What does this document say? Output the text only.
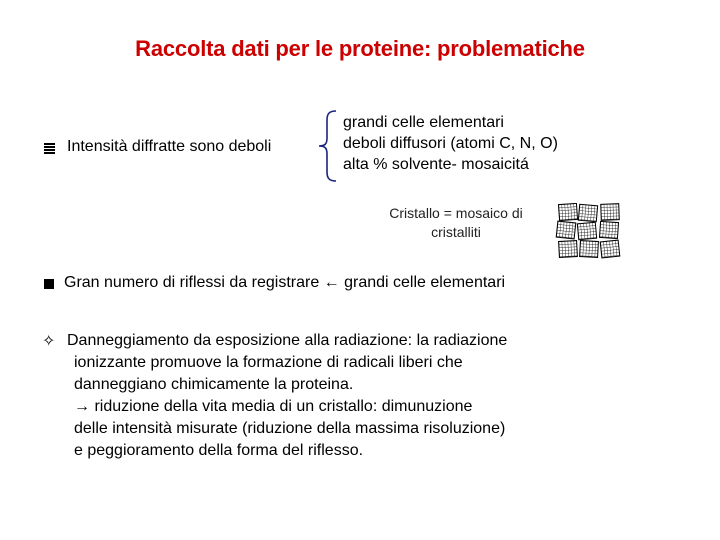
Raccolta dati per le proteine: problematiche
Intensità diffratte sono deboli
grandi celle elementari
deboli diffusori (atomi C, N, O)
alta % solvente- mosaicitá
Cristallo = mosaico di
cristalliti
Gran numero di riflessi da registrare ← grandi celle elementari
✧ Danneggiamento da esposizione alla radiazione: la radiazione
ionizzante promuove la formazione di radicali liberi che
danneggiano chimicamente la proteina.
→ riduzione della vita media di un cristallo: dimunuzione
delle intensità misurate (riduzione della massima risoluzione)
e peggioramento della forma del riflesso.
